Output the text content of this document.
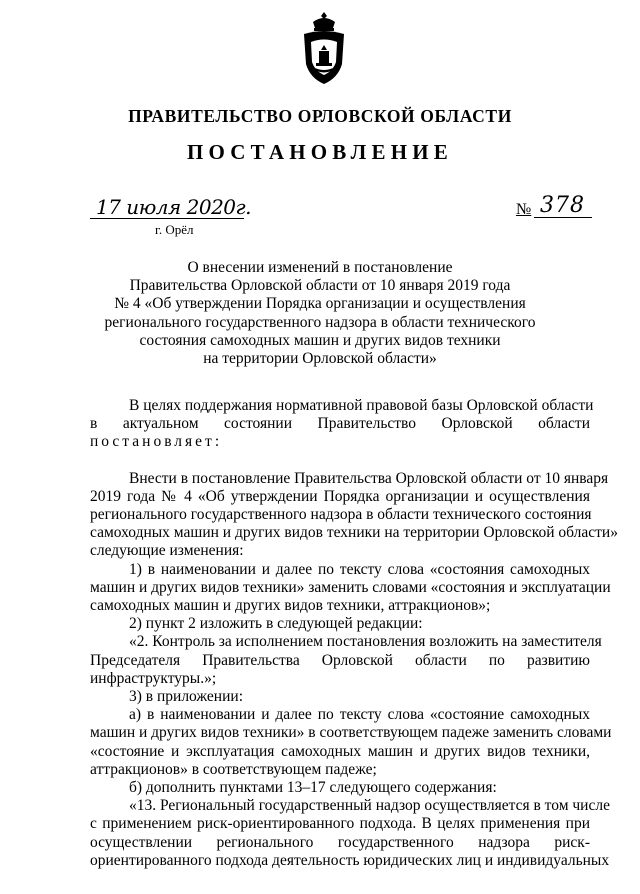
ПРАВИТЕЛЬСТВО ОРЛОВСКОЙ ОБЛАСТИ
ПОСТАНОВЛЕНИЕ
17 июля 2020г.
г. Орёл
№ 378
О внесении изменений в постановление
Правительства Орловской области от 10 января 2019 года
№ 4 «Об утверждении Порядка организации и осуществления
регионального государственного надзора в области технического
состояния самоходных машин и других видов техники
на территории Орловской области»
В целях поддержания нормативной правовой базы Орловской области
в актуальном состоянии Правительство Орловской области
постановляет:
Внести в постановление Правительства Орловской области от 10 января
2019 года № 4 «Об утверждении Порядка организации и осуществления
регионального государственного надзора в области технического состояния
самоходных машин и других видов техники на территории Орловской области»
следующие изменения:
1) в наименовании и далее по тексту слова «состояния самоходных
машин и других видов техники» заменить словами «состояния и эксплуатации
самоходных машин и других видов техники, аттракционов»;
2) пункт 2 изложить в следующей редакции:
«2. Контроль за исполнением постановления возложить на заместителя
Председателя Правительства Орловской области по развитию
инфраструктуры.»;
3) в приложении:
а) в наименовании и далее по тексту слова «состояние самоходных
машин и других видов техники» в соответствующем падеже заменить словами
«состояние и эксплуатация самоходных машин и других видов техники,
аттракционов» в соответствующем падеже;
б) дополнить пунктами 13–17 следующего содержания:
«13. Региональный государственный надзор осуществляется в том числе
с применением риск-ориентированного подхода. В целях применения при
осуществлении регионального государственного надзора риск-
ориентированного подхода деятельность юридических лиц и индивидуальных
